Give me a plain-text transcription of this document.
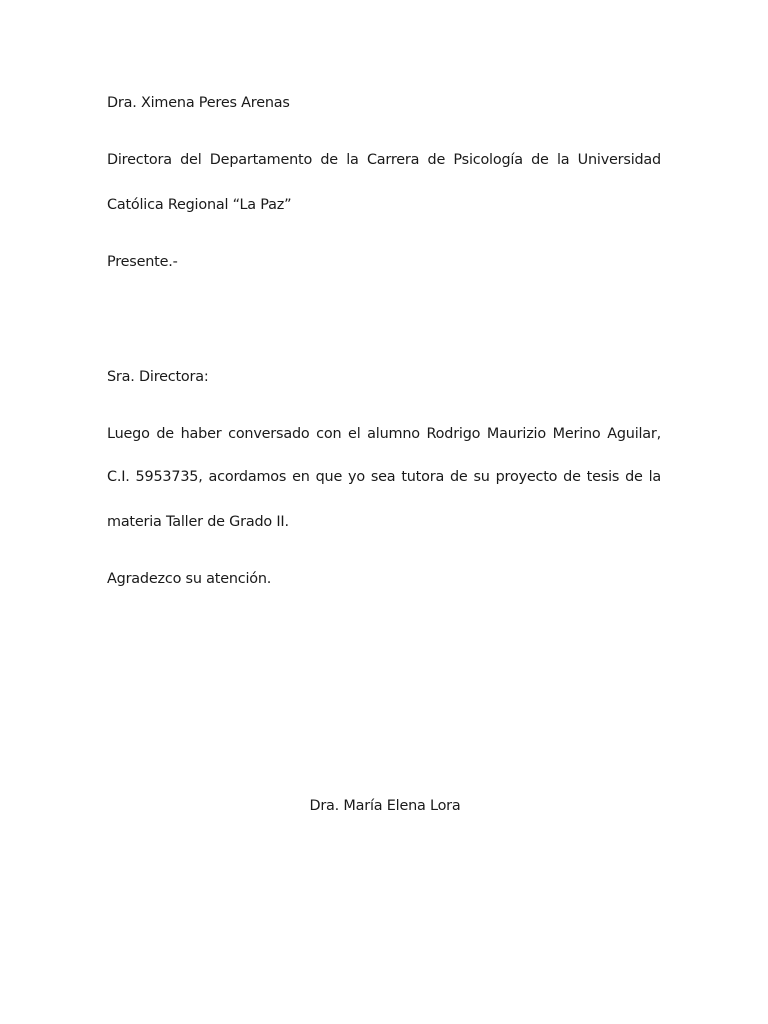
Dra. Ximena Peres Arenas

Directora del Departamento de la Carrera de Psicología de la Universidad

Católica Regional “La Paz”

Presente.-

Sra. Directora:

Luego de haber conversado con el alumno Rodrigo Maurizio Merino Aguilar,

C.I. 5953735, acordamos en que yo sea tutora de su proyecto de tesis de la

materia Taller de Grado II.

Agradezco su atención.

Dra. María Elena Lora
